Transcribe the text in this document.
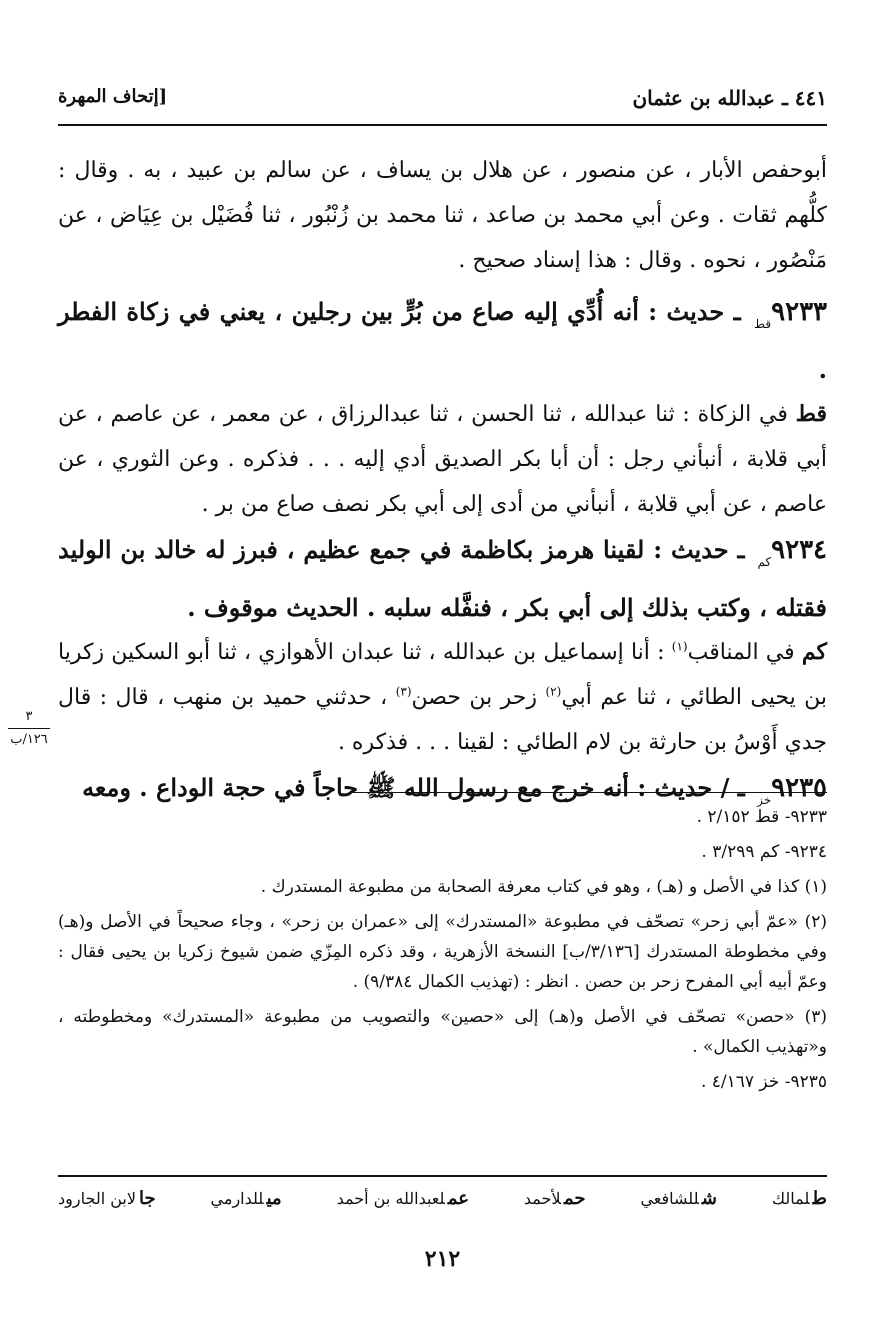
٤٤١ ـ عبدالله بن عثمان
[إتحاف المهرة

أبوحفص الأبار ، عن منصور ، عن هلال بن يساف ، عن سالم بن عبيد ، به . وقال : كلُّهم ثقات . وعن أبي محمد بن صاعد ، ثنا محمد بن زُنْبُور ، ثنا فُضَيْل بن عِيَاض ، عن مَنْصُور ، نحوه . وقال : هذا إسناد صحيح .

$٩٢٣٣_{قط}$ ـ حديث : أنه أُدِّي إليه صاع من بُرٍّ بين رجلين ، يعني في زكاة الفطر .

قط في الزكاة : ثنا عبدالله ، ثنا الحسن ، ثنا عبدالرزاق ، عن معمر ، عن عاصم ، عن أبي قلابة ، أنبأني رجل : أن أبا بكر الصديق أدي إليه . . . فذكره . وعن الثوري ، عن عاصم ، عن أبي قلابة ، أنبأني من أدى إلى أبي بكر نصف صاع من بر .

$٩٢٣٤_{كم}$ ـ حديث : لقينا هرمز بكاظمة في جمع عظيم ، فبرز له خالد بن الوليد فقتله ، وكتب بذلك إلى أبي بكر ، فنفَّله سلبه . الحديث موقوف .

كم في المناقب$^{(١)}$ : أنا إسماعيل بن عبدالله ، ثنا عبدان الأهوازي ، ثنا أبو السكين زكريا بن يحيى الطائي ، ثنا عم أبي$^{(٢)}$ زحر بن حصن$^{(٣)}$ ، حدثني حميد بن منهب ، قال : قال جدي أَوْسُ بن حارثة بن لام الطائي : لقينا . . . فذكره .

$٩٢٣٥_{خز}$ ـ / حديث : أنه خرج مع رسول الله ﷺ حاجاً في حجة الوداع . ومعه

٣
١٢٦/ب

٩٢٣٣- قط ٢/١٥٢ .

٩٢٣٤- كم ٣/٢٩٩ .

(١) كذا في الأصل و (هـ) ، وهو في كتاب معرفة الصحابة من مطبوعة المستدرك .

(٢) «عمّ أبي زحر» تصحّف في مطبوعة «المستدرك» إلى «عمران بن زحر» ، وجاء صحيحاً في الأصل و(هـ) وفي مخطوطة المستدرك [٣/١٣٦/ب] النسخة الأزهرية ، وقد ذكره المِزّي ضمن شيوخ زكريا بن يحيى فقال : وعمّ أبيه أبي المفرح زحر بن حصن . انظر : (تهذيب الكمال ٩/٣٨٤) .

(٣) «حصن» تصحّف في الأصل و(هـ) إلى «حصين» والتصويب من مطبوعة «المستدرك» ومخطوطته ، و«تهذيب الكمال» .

٩٢٣٥- خز ٤/١٦٧ .

طلمالك
شللشافعي
حملأحمد
عملعبدالله بن أحمد
ميللدارمي
جالابن الجارود
٢١٢
